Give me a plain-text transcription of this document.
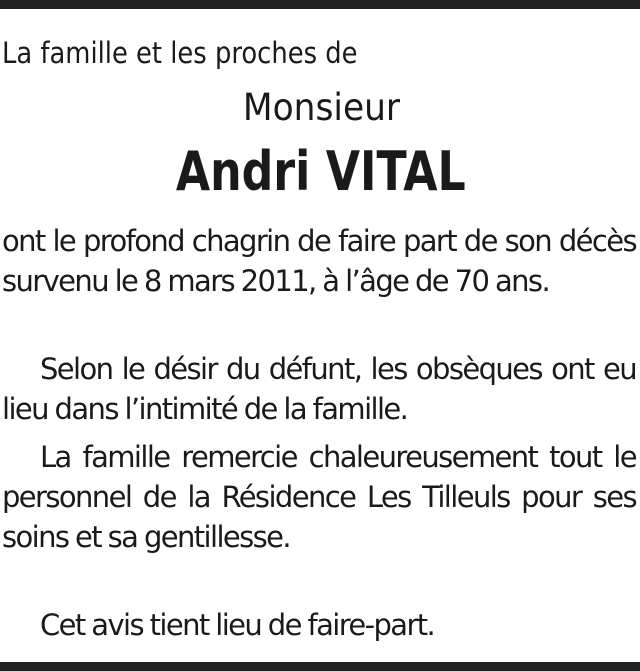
La famille et les proches de

Monsieur
Andri VITAL

ont le profond chagrin de faire part de son décès survenu le 8 mars 2011, à l’âge de 70 ans.

Selon le désir du défunt, les obsèques ont eu lieu dans l’intimité de la famille.

La famille remercie chaleureusement tout le personnel de la Résidence Les Tilleuls pour ses soins et sa gentillesse.

Cet avis tient lieu de faire-part.
